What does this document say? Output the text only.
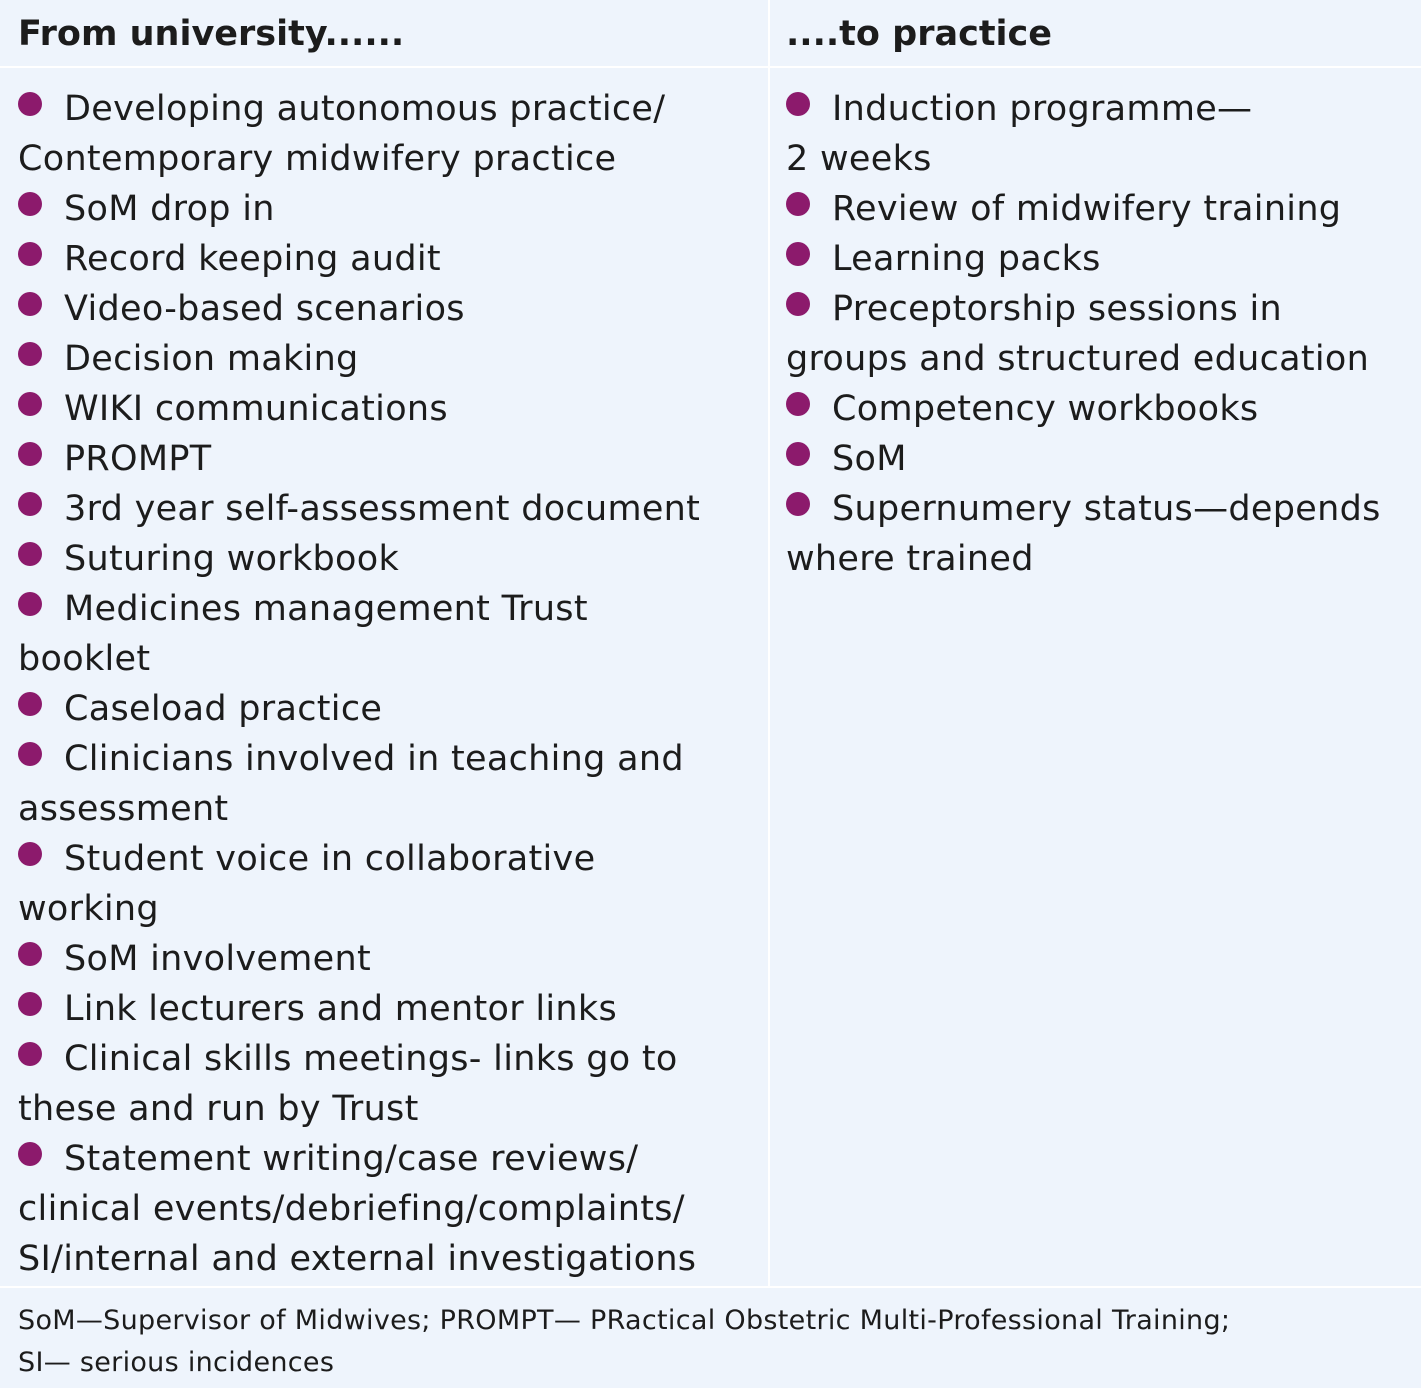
From university......	....to practice
Developing autonomous practice/
Contemporary midwifery practice
SoM drop in
Record keeping audit
Video-based scenarios
Decision making
WIKI communications
PROMPT
3rd year self-assessment document
Suturing workbook
Medicines management Trust
booklet
Caseload practice
Clinicians involved in teaching and
assessment
Student voice in collaborative
working
SoM involvement
Link lecturers and mentor links
Clinical skills meetings- links go to
these and run by Trust
Statement writing/case reviews/
clinical events/debriefing/complaints/
SI/internal and external investigations
Induction programme—
2 weeks
Review of midwifery training
Learning packs
Preceptorship sessions in
groups and structured education
Competency workbooks
SoM
Supernumery status—depends
where trained
SoM—Supervisor of Midwives; PROMPT— PRactical Obstetric Multi-Professional Training;
SI— serious incidences
